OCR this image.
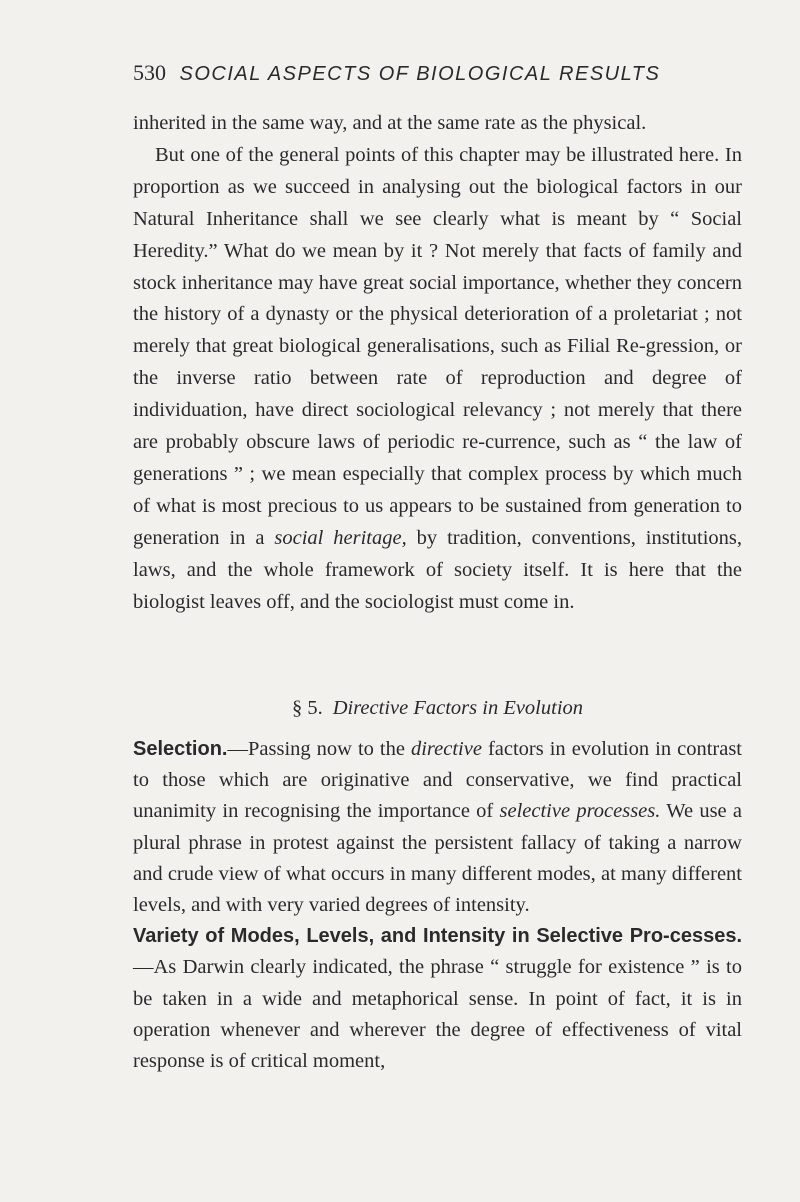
530 SOCIAL ASPECTS OF BIOLOGICAL RESULTS

inherited in the same way, and at the same rate as the physical.

But one of the general points of this chapter may be illustrated here. In proportion as we succeed in analysing out the biological factors in our Natural Inheritance shall we see clearly what is meant by “ Social Heredity.” What do we mean by it ? Not merely that facts of family and stock inheritance may have great social importance, whether they concern the history of a dynasty or the physical deterioration of a proletariat ; not merely that great biological generalisations, such as Filial Re-gression, or the inverse ratio between rate of reproduction and degree of individuation, have direct sociological relevancy ; not merely that there are probably obscure laws of periodic re-currence, such as “ the law of generations ” ; we mean especially that complex process by which much of what is most precious to us appears to be sustained from generation to generation in a social heritage, by tradition, conventions, institutions, laws, and the whole framework of society itself. It is here that the biologist leaves off, and the sociologist must come in.

§ 5. Directive Factors in Evolution

Selection.—Passing now to the directive factors in evolution in contrast to those which are originative and conservative, we find practical unanimity in recognising the importance of selective processes. We use a plural phrase in protest against the persistent fallacy of taking a narrow and crude view of what occurs in many different modes, at many different levels, and with very varied degrees of intensity.

Variety of Modes, Levels, and Intensity in Selective Pro-cesses.—As Darwin clearly indicated, the phrase “ struggle for existence ” is to be taken in a wide and metaphorical sense. In point of fact, it is in operation whenever and wherever the degree of effectiveness of vital response is of critical moment,
